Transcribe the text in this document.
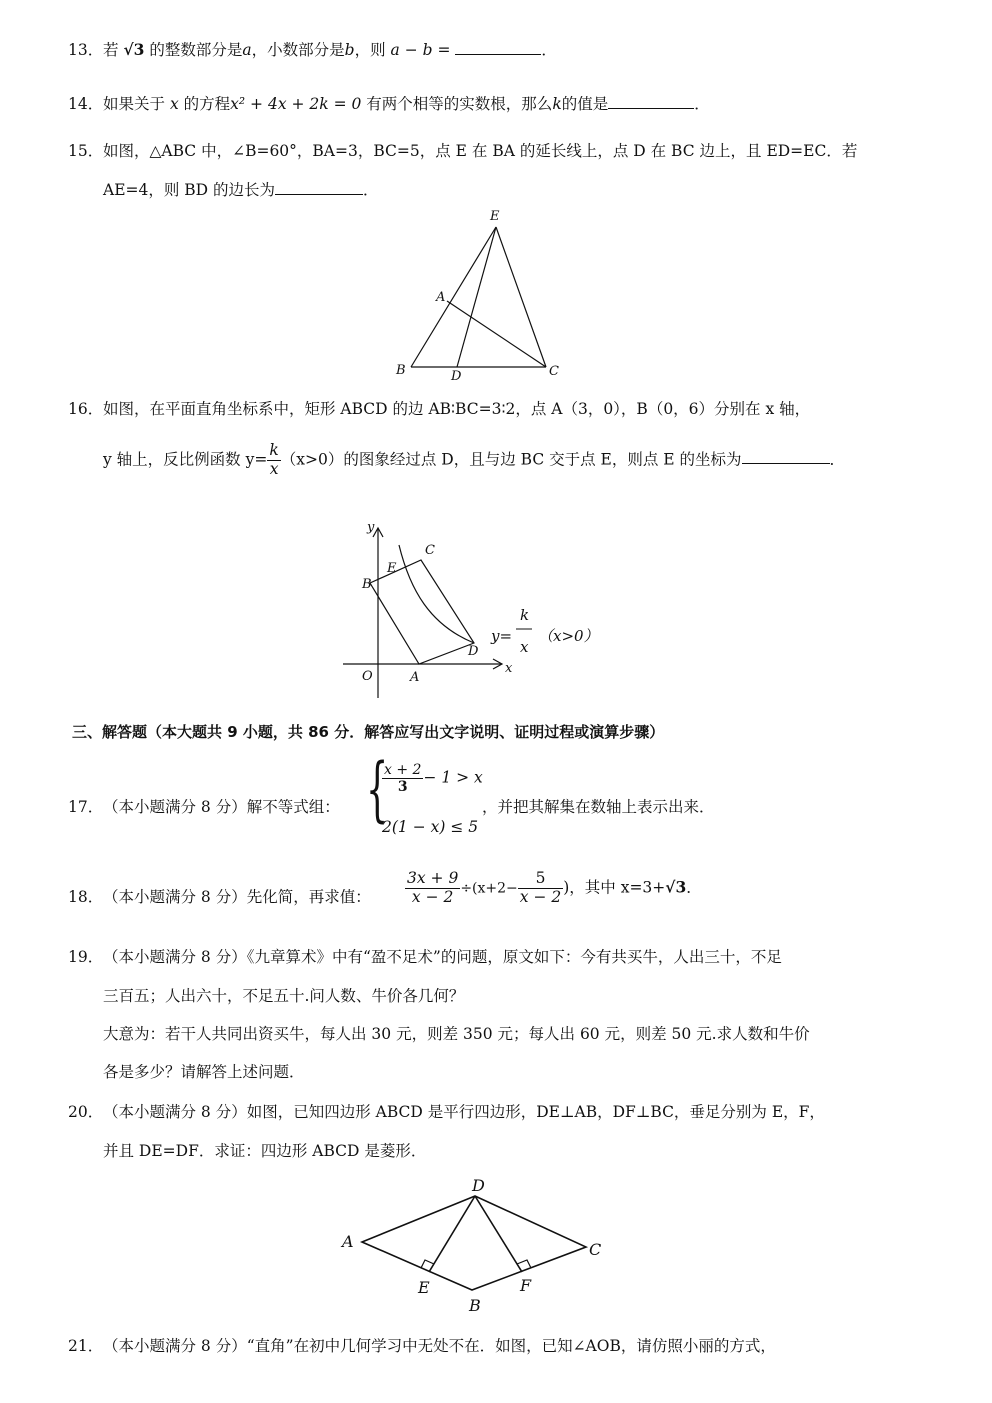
13． 若 √3 的整数部分是a，小数部分是b，则 a − b =	．
14． 如果关于 x 的方程x² + 4x + 2k = 0 有两个相等的实数根，那么k的值是	．
15． 如图，△ABC 中，∠B=60°，BA=3，BC=5，点 E 在 BA 的延长线上，点 D 在 BC 边上，且 ED=EC．若
AE=4，则 BD 的边长为	．
E
A
B	D	C
16． 如图，在平面直角坐标系中，矩形 ABCD 的边 AB∶BC=3∶2，点 A（3，0），B（0，6）分别在 x 轴，
y 轴上，反比例函数 $y= \frac{k}{x} (x>0)$的图象经过点 D，且与边 BC 交于点 E，则点 E 的坐标为	．
y
x
O	A
B
C
D
E
y=
k
x
（x>0）
三、解答题（本大题共 9 小题，共 86 分．解答应写出文字说明、证明过程或演算步骤）
17． （本小题满分 8 分）解不等式组： {
$\frac{x + 2}{3} - 1 > x$
2(1 − x) ≤ 5
，并把其解集在数轴上表示出来．
18． （本小题满分 8 分）先化简，再求值： $\frac{3x + 9}{x - 2} \div(x+2- \frac{5}{x - 2}$ )，其中 x=3+√3．
19． （本小题满分 8 分）《九章算术》中有“盈不足术”的问题，原文如下：今有共买牛，人出三十，不足
三百五；人出六十，不足五十.问人数、牛价各几何？
大意为：若干人共同出资买牛，每人出 30 元，则差 350 元；每人出 60 元，则差 50 元.求人数和牛价
各是多少？请解答上述问题．
20． （本小题满分 8 分）如图，已知四边形 ABCD 是平行四边形，DE⊥AB，DF⊥BC，垂足分别为 E，F，
并且 DE=DF．求证：四边形 ABCD 是菱形．
A
B
C
D
E	F
21． （本小题满分 8 分）“直角”在初中几何学习中无处不在．如图，已知∠AOB，请仿照小丽的方式，
